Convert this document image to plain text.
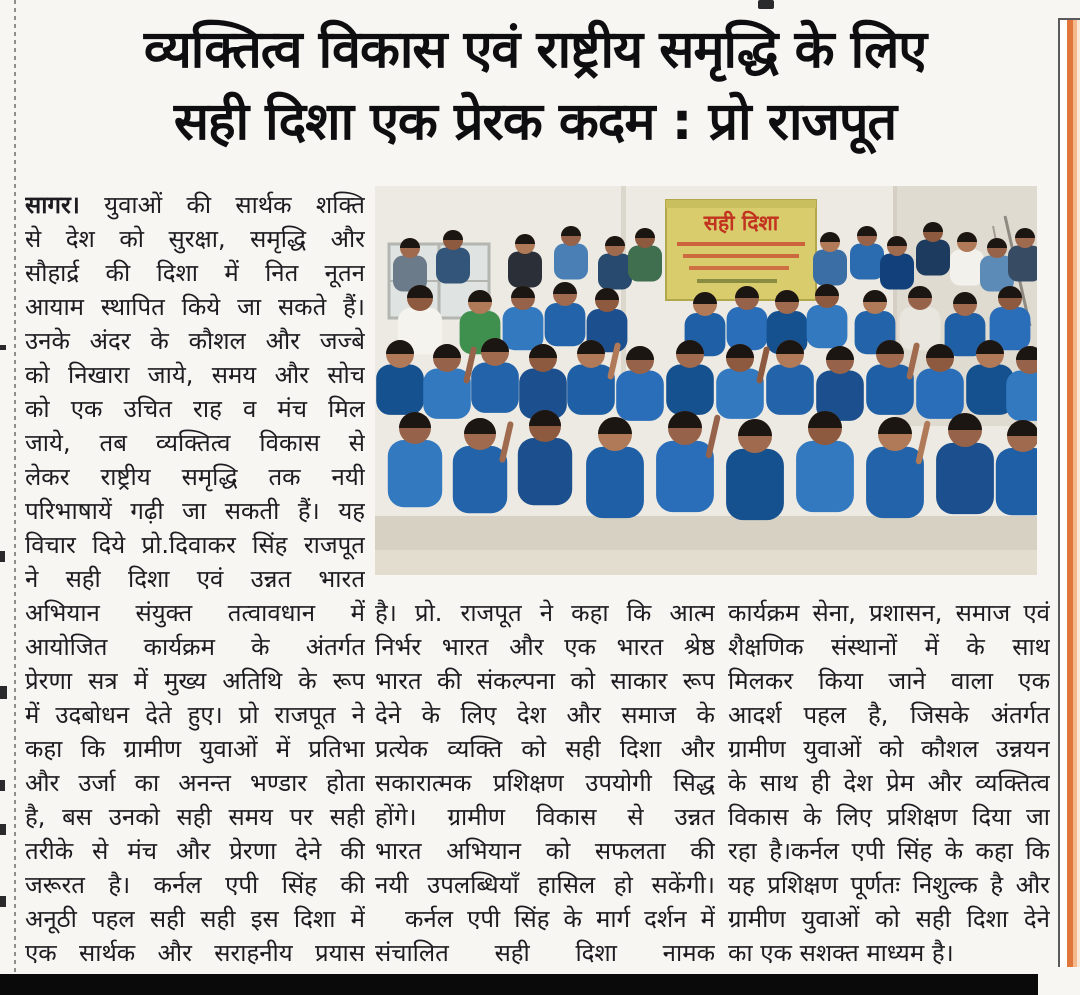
व्यक्तित्व विकास एवं राष्ट्रीय समृद्धि के लिए
सही दिशा एक प्रेरक कदम : प्रो राजपूत
सागर। युवाओं की सार्थक शक्ति
से देश को सुरक्षा, समृद्धि और
सौहार्द्र की दिशा में नित नूतन
आयाम स्थापित किये जा सकते हैं।
उनके अंदर के कौशल और जज्बे
को निखारा जाये, समय और सोच
को एक उचित राह व मंच मिल
जाये, तब व्यक्तित्व विकास से
लेकर राष्ट्रीय समृद्धि तक नयी
परिभाषायें गढ़ी जा सकती हैं। यह
विचार दिये प्रो.दिवाकर सिंह राजपूत
ने सही दिशा एवं उन्नत भारत
अभियान संयुक्त तत्वावधान में
आयोजित कार्यक्रम के अंतर्गत
प्रेरणा सत्र में मुख्य अतिथि के रूप
में उदबोधन देते हुए। प्रो राजपूत ने
कहा कि ग्रामीण युवाओं में प्रतिभा
और उर्जा का अनन्त भण्डार होता
है, बस उनको सही समय पर सही
तरीके से मंच और प्रेरणा देने की
जरूरत है। कर्नल एपी सिंह की
अनूठी पहल सही सही इस दिशा में
एक सार्थक और सराहनीय प्रयास
सही दिशा
है। प्रो. राजपूत ने कहा कि आत्म
निर्भर भारत और एक भारत श्रेष्ठ
भारत की संकल्पना को साकार रूप
देने के लिए देश और समाज के
प्रत्येक व्यक्ति को सही दिशा और
सकारात्मक प्रशिक्षण उपयोगी सिद्ध
होंगे। ग्रामीण विकास से उन्नत
भारत अभियान को सफलता की
नयी उपलब्धियाँ हासिल हो सकेंगी।
कर्नल एपी सिंह के मार्ग दर्शन में
संचालित सही दिशा नामक
कार्यक्रम सेना, प्रशासन, समाज एवं
शैक्षणिक संस्थानों में के साथ
मिलकर किया जाने वाला एक
आदर्श पहल है, जिसके अंतर्गत
ग्रामीण युवाओं को कौशल उन्नयन
के साथ ही देश प्रेम और व्यक्तित्व
विकास के लिए प्रशिक्षण दिया जा
रहा है।कर्नल एपी सिंह के कहा कि
यह प्रशिक्षण पूर्णतः निशुल्क है और
ग्रामीण युवाओं को सही दिशा देने
का एक सशक्त माध्यम है।
